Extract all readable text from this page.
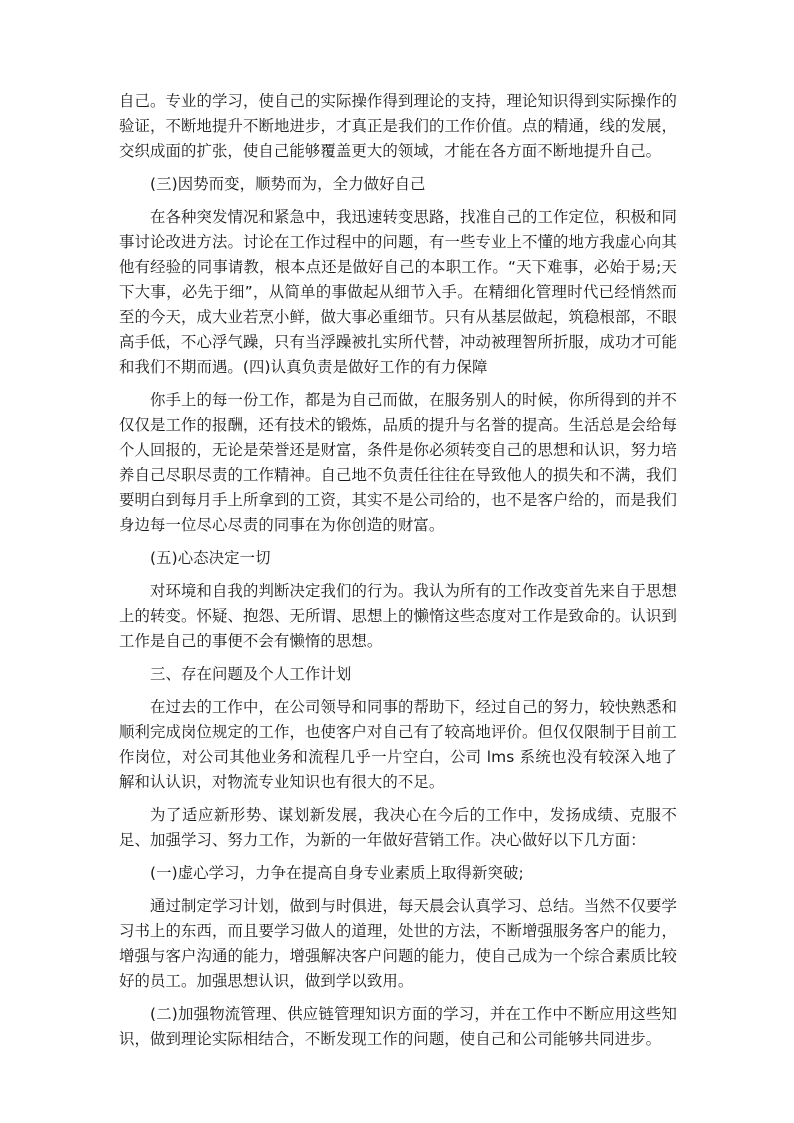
自己。专业的学习，使自己的实际操作得到理论的支持，理论知识得到实际操作的验证，不断地提升不断地进步，才真正是我们的工作价值。点的精通，线的发展，交织成面的扩张，使自己能够覆盖更大的领域，才能在各方面不断地提升自己。

(三)因势而变，顺势而为，全力做好自己

在各种突发情况和紧急中，我迅速转变思路，找准自己的工作定位，积极和同事讨论改进方法。讨论在工作过程中的问题，有一些专业上不懂的地方我虚心向其他有经验的同事请教，根本点还是做好自己的本职工作。“天下难事，必始于易;天下大事，必先于细”，从简单的事做起从细节入手。在精细化管理时代已经悄然而至的今天，成大业若烹小鲜，做大事必重细节。只有从基层做起，筑稳根部，不眼高手低，不心浮气躁，只有当浮躁被扎实所代替，冲动被理智所折服，成功才可能和我们不期而遇。(四)认真负责是做好工作的有力保障

你手上的每一份工作，都是为自己而做，在服务别人的时候，你所得到的并不仅仅是工作的报酬，还有技术的锻炼，品质的提升与名誉的提高。生活总是会给每个人回报的，无论是荣誉还是财富，条件是你必须转变自己的思想和认识，努力培养自己尽职尽责的工作精神。自己地不负责任往往在导致他人的损失和不满，我们要明白到每月手上所拿到的工资，其实不是公司给的，也不是客户给的，而是我们身边每一位尽心尽责的同事在为你创造的财富。

(五)心态决定一切

对环境和自我的判断决定我们的行为。我认为所有的工作改变首先来自于思想上的转变。怀疑、抱怨、无所谓、思想上的懒惰这些态度对工作是致命的。认识到工作是自己的事便不会有懒惰的思想。

三、存在问题及个人工作计划

在过去的工作中，在公司领导和同事的帮助下，经过自己的努力，较快熟悉和顺利完成岗位规定的工作，也使客户对自己有了较高地评价。但仅仅限制于目前工作岗位，对公司其他业务和流程几乎一片空白，公司 lms 系统也没有较深入地了解和认认识，对物流专业知识也有很大的不足。

为了适应新形势、谋划新发展，我决心在今后的工作中，发扬成绩、克服不足、加强学习、努力工作，为新的一年做好营销工作。决心做好以下几方面：

(一)虚心学习，力争在提高自身专业素质上取得新突破;

通过制定学习计划，做到与时俱进，每天晨会认真学习、总结。当然不仅要学习书上的东西，而且要学习做人的道理，处世的方法，不断增强服务客户的能力，增强与客户沟通的能力，增强解决客户问题的能力，使自己成为一个综合素质比较好的员工。加强思想认识，做到学以致用。

(二)加强物流管理、供应链管理知识方面的学习，并在工作中不断应用这些知识，做到理论实际相结合，不断发现工作的问题，使自己和公司能够共同进步。
